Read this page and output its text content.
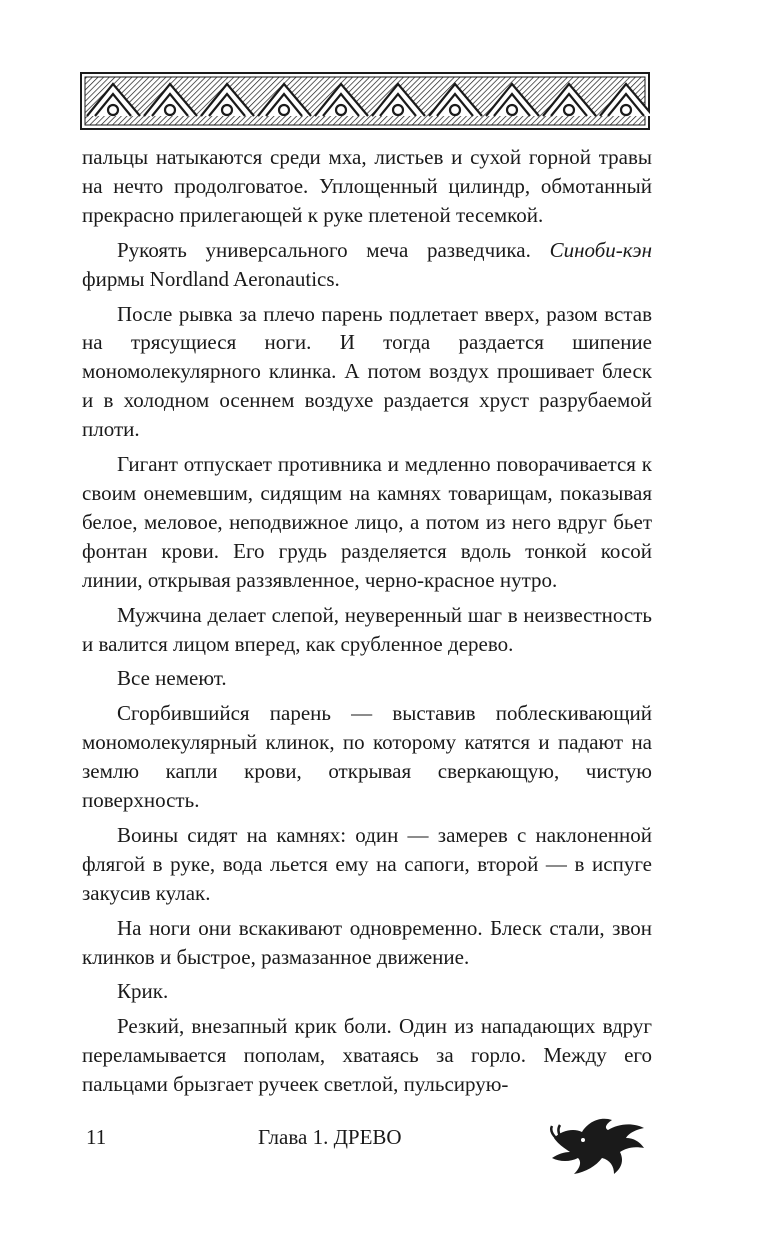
пальцы натыкаются среди мха, листьев и сухой горной травы на нечто продолговатое. Уплощенный цилиндр, обмотанный прекрасно прилегающей к руке плетеной тесемкой.

Рукоять универсального меча разведчика. Синоби-кэн фирмы Nordland Aeronautics.

После рывка за плечо парень подлетает вверх, разом встав на трясущиеся ноги. И тогда раздается шипение мономолекулярного клинка. А потом воздух прошивает блеск и в холодном осеннем воздухе раздается хруст разрубаемой плоти.

Гигант отпускает противника и медленно поворачивается к своим онемевшим, сидящим на камнях товарищам, показывая белое, меловое, неподвижное лицо, а потом из него вдруг бьет фонтан крови. Его грудь разделяется вдоль тонкой косой линии, открывая раззявленное, черно-красное нутро.

Мужчина делает слепой, неуверенный шаг в неизвестность и валится лицом вперед, как срубленное дерево.

Все немеют.

Сгорбившийся парень — выставив поблескивающий мономолекулярный клинок, по которому катятся и падают на землю капли крови, открывая сверкающую, чистую поверхность.

Воины сидят на камнях: один — замерев с наклоненной флягой в руке, вода льется ему на сапоги, второй — в испуге закусив кулак.

На ноги они вскакивают одновременно. Блеск стали, звон клинков и быстрое, размазанное движение.

Крик.

Резкий, внезапный крик боли. Один из нападающих вдруг переламывается пополам, хватаясь за горло. Между его пальцами брызгает ручеек светлой, пульсирую-

11	Глава 1. ДРЕВО
